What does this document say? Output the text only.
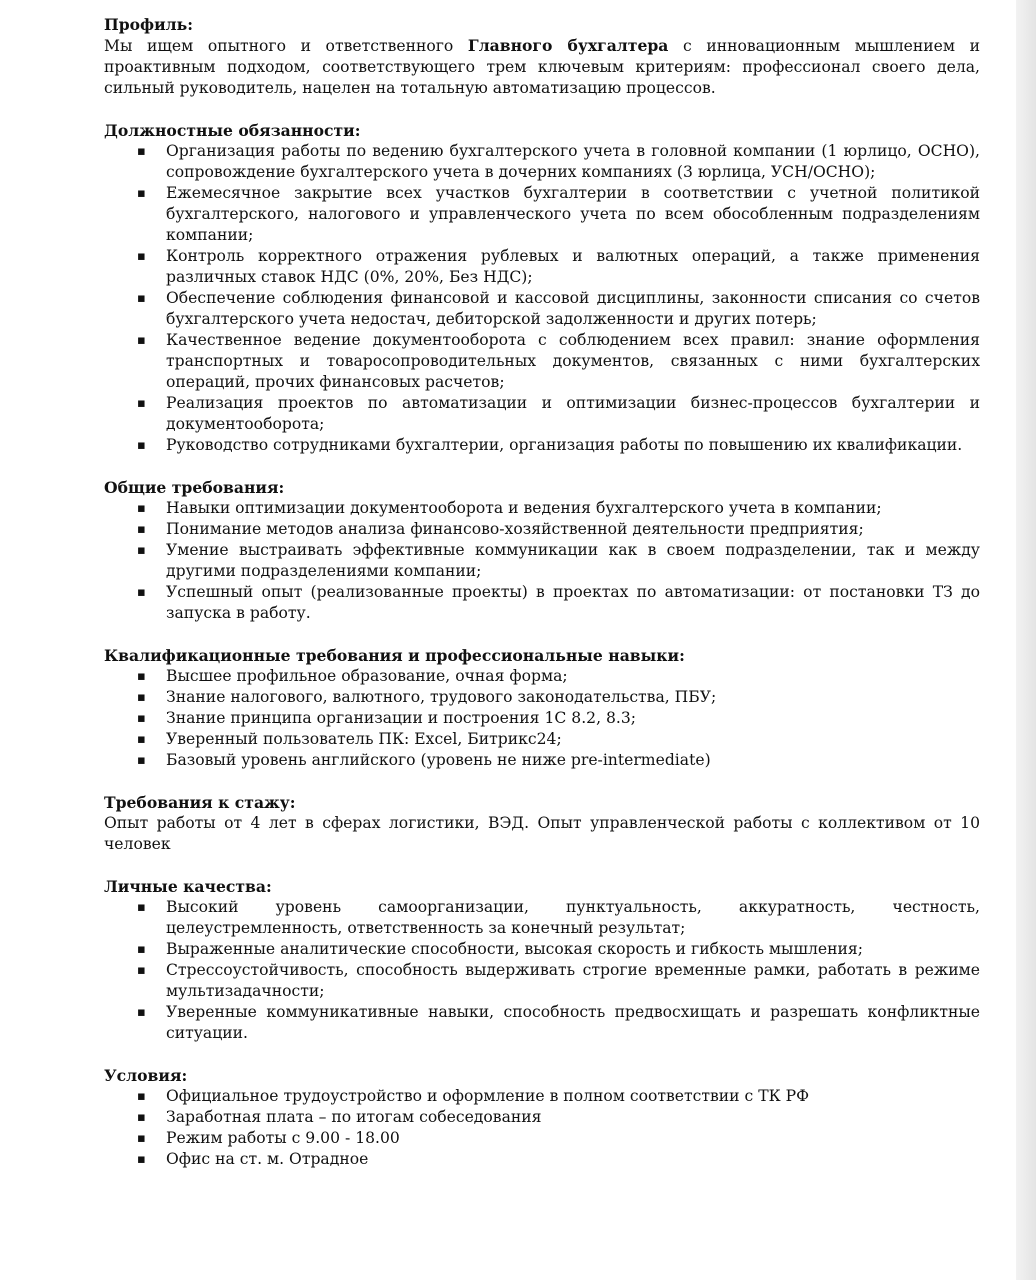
Профиль:

Мы ищем опытного и ответственного Главного бухгалтера с инновационным мышлением и проактивным подходом, соответствующего трем ключевым критериям: профессионал своего дела, сильный руководитель, нацелен на тотальную автоматизацию процессов.

Должностные обязанности:

▪ Организация работы по ведению бухгалтерского учета в головной компании (1 юрлицо, ОСНО), сопровождение бухгалтерского учета в дочерних компаниях (3 юрлица, УСН/ОСНО);
▪ Ежемесячное закрытие всех участков бухгалтерии в соответствии с учетной политикой бухгалтерского, налогового и управленческого учета по всем обособленным подразделениям компании;
▪ Контроль корректного отражения рублевых и валютных операций, а также применения различных ставок НДС (0%, 20%, Без НДС);
▪ Обеспечение соблюдения финансовой и кассовой дисциплины, законности списания со счетов бухгалтерского учета недостач, дебиторской задолженности и других потерь;
▪ Качественное ведение документооборота с соблюдением всех правил: знание оформления транспортных и товаросопроводительных документов, связанных с ними бухгалтерских операций, прочих финансовых расчетов;
▪ Реализация проектов по автоматизации и оптимизации бизнес-процессов бухгалтерии и документооборота;
▪ Руководство сотрудниками бухгалтерии, организация работы по повышению их квалификации.

Общие требования:

▪ Навыки оптимизации документооборота и ведения бухгалтерского учета в компании;
▪ Понимание методов анализа финансово-хозяйственной деятельности предприятия;
▪ Умение выстраивать эффективные коммуникации как в своем подразделении, так и между другими подразделениями компании;
▪ Успешный опыт (реализованные проекты) в проектах по автоматизации: от постановки ТЗ до запуска в работу.

Квалификационные требования и профессиональные навыки:

▪ Высшее профильное образование, очная форма;
▪ Знание налогового, валютного, трудового законодательства, ПБУ;
▪ Знание принципа организации и построения 1С 8.2, 8.3;
▪ Уверенный пользователь ПК: Excel, Битрикс24;
▪ Базовый уровень английского (уровень не ниже pre-intermediate)

Требования к стажу:

Опыт работы от 4 лет в сферах логистики, ВЭД. Опыт управленческой работы с коллективом от 10 человек

Личные качества:

▪ Высокий уровень самоорганизации, пунктуальность, аккуратность, честность, целеустремленность, ответственность за конечный результат;
▪ Выраженные аналитические способности, высокая скорость и гибкость мышления;
▪ Стрессоустойчивость, способность выдерживать строгие временные рамки, работать в режиме мультизадачности;
▪ Уверенные коммуникативные навыки, способность предвосхищать и разрешать конфликтные ситуации.

Условия:

▪ Официальное трудоустройство и оформление в полном соответствии с ТК РФ
▪ Заработная плата – по итогам собеседования
▪ Режим работы с 9.00 - 18.00
▪ Офис на ст. м. Отрадное
